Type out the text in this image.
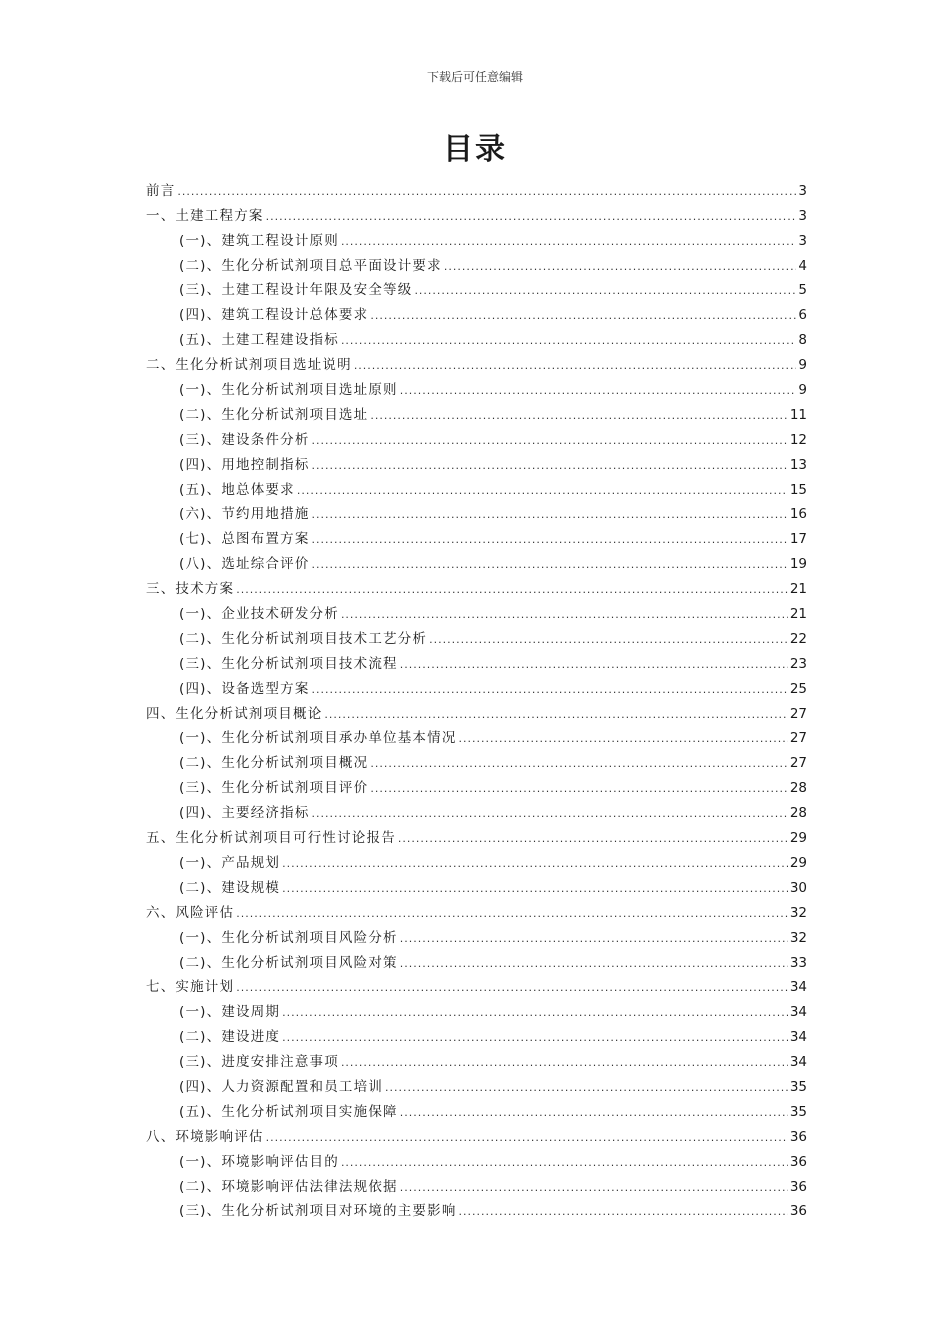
下载后可任意编辑
目录
前言 .....	3
一、土建工程方案 .....	3
(一)、建筑工程设计原则 .....	3
(二)、生化分析试剂项目总平面设计要求 .....	4
(三)、土建工程设计年限及安全等级 .....	5
(四)、建筑工程设计总体要求 .....	6
(五)、土建工程建设指标 .....	8
二、生化分析试剂项目选址说明 .....	9
(一)、生化分析试剂项目选址原则 .....	9
(二)、生化分析试剂项目选址 .....	11
(三)、建设条件分析 .....	12
(四)、用地控制指标 .....	13
(五)、地总体要求 .....	15
(六)、节约用地措施 .....	16
(七)、总图布置方案 .....	17
(八)、选址综合评价 .....	19
三、技术方案 .....	21
(一)、企业技术研发分析 .....	21
(二)、生化分析试剂项目技术工艺分析 .....	22
(三)、生化分析试剂项目技术流程 .....	23
(四)、设备选型方案 .....	25
四、生化分析试剂项目概论 .....	27
(一)、生化分析试剂项目承办单位基本情况 .....	27
(二)、生化分析试剂项目概况 .....	27
(三)、生化分析试剂项目评价 .....	28
(四)、主要经济指标 .....	28
五、生化分析试剂项目可行性讨论报告 .....	29
(一)、产品规划 .....	29
(二)、建设规模 .....	30
六、风险评估 .....	32
(一)、生化分析试剂项目风险分析 .....	32
(二)、生化分析试剂项目风险对策 .....	33
七、实施计划 .....	34
(一)、建设周期 .....	34
(二)、建设进度 .....	34
(三)、进度安排注意事项 .....	34
(四)、人力资源配置和员工培训 .....	35
(五)、生化分析试剂项目实施保障 .....	35
八、环境影响评估 .....	36
(一)、环境影响评估目的 .....	36
(二)、环境影响评估法律法规依据 .....	36
(三)、生化分析试剂项目对环境的主要影响 .....	36
